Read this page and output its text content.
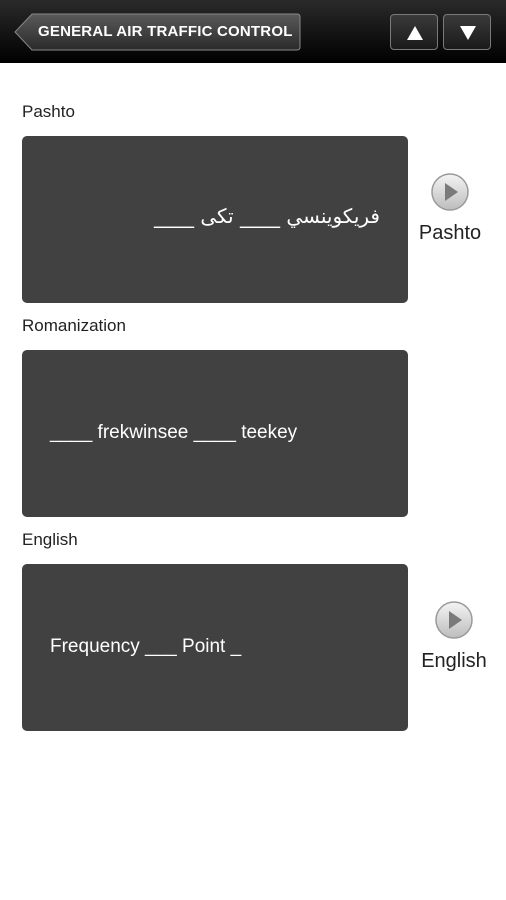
GENERAL AIR TRAFFIC CONTROL
Pashto
فریکوینسي ____ تکی ____
Pashto
Romanization
____ frekwinsee ____ teekey
English
Frequency ___ Point _
English
